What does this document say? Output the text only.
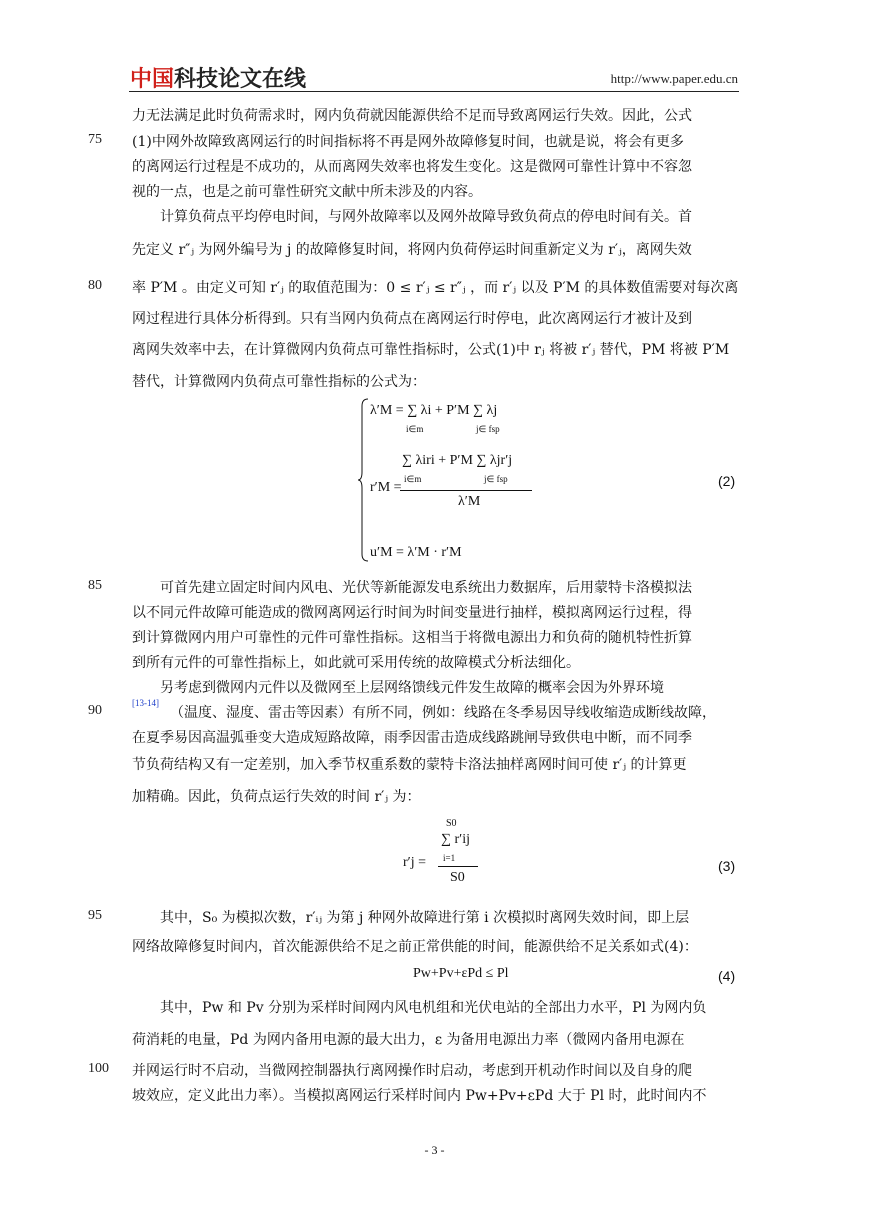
中国科技论文在线	http://www.paper.edu.cn
75
80
85
90
95
100
力无法满足此时负荷需求时，网内负荷就因能源供给不足而导致离网运行失效。因此，公式
(1)中网外故障致离网运行的时间指标将不再是网外故障修复时间，也就是说，将会有更多
的离网运行过程是不成功的，从而离网失效率也将发生变化。这是微网可靠性计算中不容忽
视的一点，也是之前可靠性研究文献中所未涉及的内容。
计算负荷点平均停电时间，与网外故障率以及网外故障导致负荷点的停电时间有关。首
先定义 r″ⱼ 为网外编号为 j 的故障修复时间，将网内负荷停运时间重新定义为 r′ⱼ，离网失效
率 P′M 。由定义可知 r′ⱼ 的取值范围为：0 ≤ r′ⱼ ≤ r″ⱼ ，而 r′ⱼ 以及 P′M 的具体数值需要对每次离
网过程进行具体分析得到。只有当网内负荷点在离网运行时停电，此次离网运行才被计及到
离网失效率中去，在计算微网内负荷点可靠性指标时，公式(1)中 rⱼ 将被 r′ⱼ 替代，PM 将被 P′M
替代，计算微网内负荷点可靠性指标的公式为：
λ′M = ∑ λi + P′M ∑ λj
i∈m	j∈ fsp
∑ λiri + P′M ∑ λjr′j
i∈m	j∈ fsp
r′M =
λ′M
u′M = λ′M · r′M
(2)
可首先建立固定时间内风电、光伏等新能源发电系统出力数据库，后用蒙特卡洛模拟法
以不同元件故障可能造成的微网离网运行时间为时间变量进行抽样，模拟离网运行过程，得
到计算微网内用户可靠性的元件可靠性指标。这相当于将微电源出力和负荷的随机特性折算
到所有元件的可靠性指标上，如此就可采用传统的故障模式分析法细化。
另考虑到微网内元件以及微网至上层网络馈线元件发生故障的概率会因为外界环境
[13-14]
（温度、湿度、雷击等因素）有所不同，例如：线路在冬季易因导线收缩造成断线故障，
在夏季易因高温弧垂变大造成短路故障，雨季因雷击造成线路跳闸导致供电中断，而不同季
节负荷结构又有一定差别，加入季节权重系数的蒙特卡洛法抽样离网时间可使 r′ⱼ 的计算更
加精确。因此，负荷点运行失效的时间 r′ⱼ 为：
S0
∑ r′ij
i=1
r′j =
S0
(3)
其中，S₀ 为模拟次数，r′ᵢⱼ 为第 j 种网外故障进行第 i 次模拟时离网失效时间，即上层
网络故障修复时间内，首次能源供给不足之前正常供能的时间，能源供给不足关系如式(4)：
Pw+Pv+εPd ≤ Pl	(4)
其中，Pw 和 Pv 分别为采样时间网内风电机组和光伏电站的全部出力水平，Pl 为网内负
荷消耗的电量，Pd 为网内备用电源的最大出力，ε 为备用电源出力率（微网内备用电源在
并网运行时不启动，当微网控制器执行离网操作时启动，考虑到开机动作时间以及自身的爬
坡效应，定义此出力率）。当模拟离网运行采样时间内 Pw+Pv+εPd 大于 Pl 时，此时间内不
- 3 -
